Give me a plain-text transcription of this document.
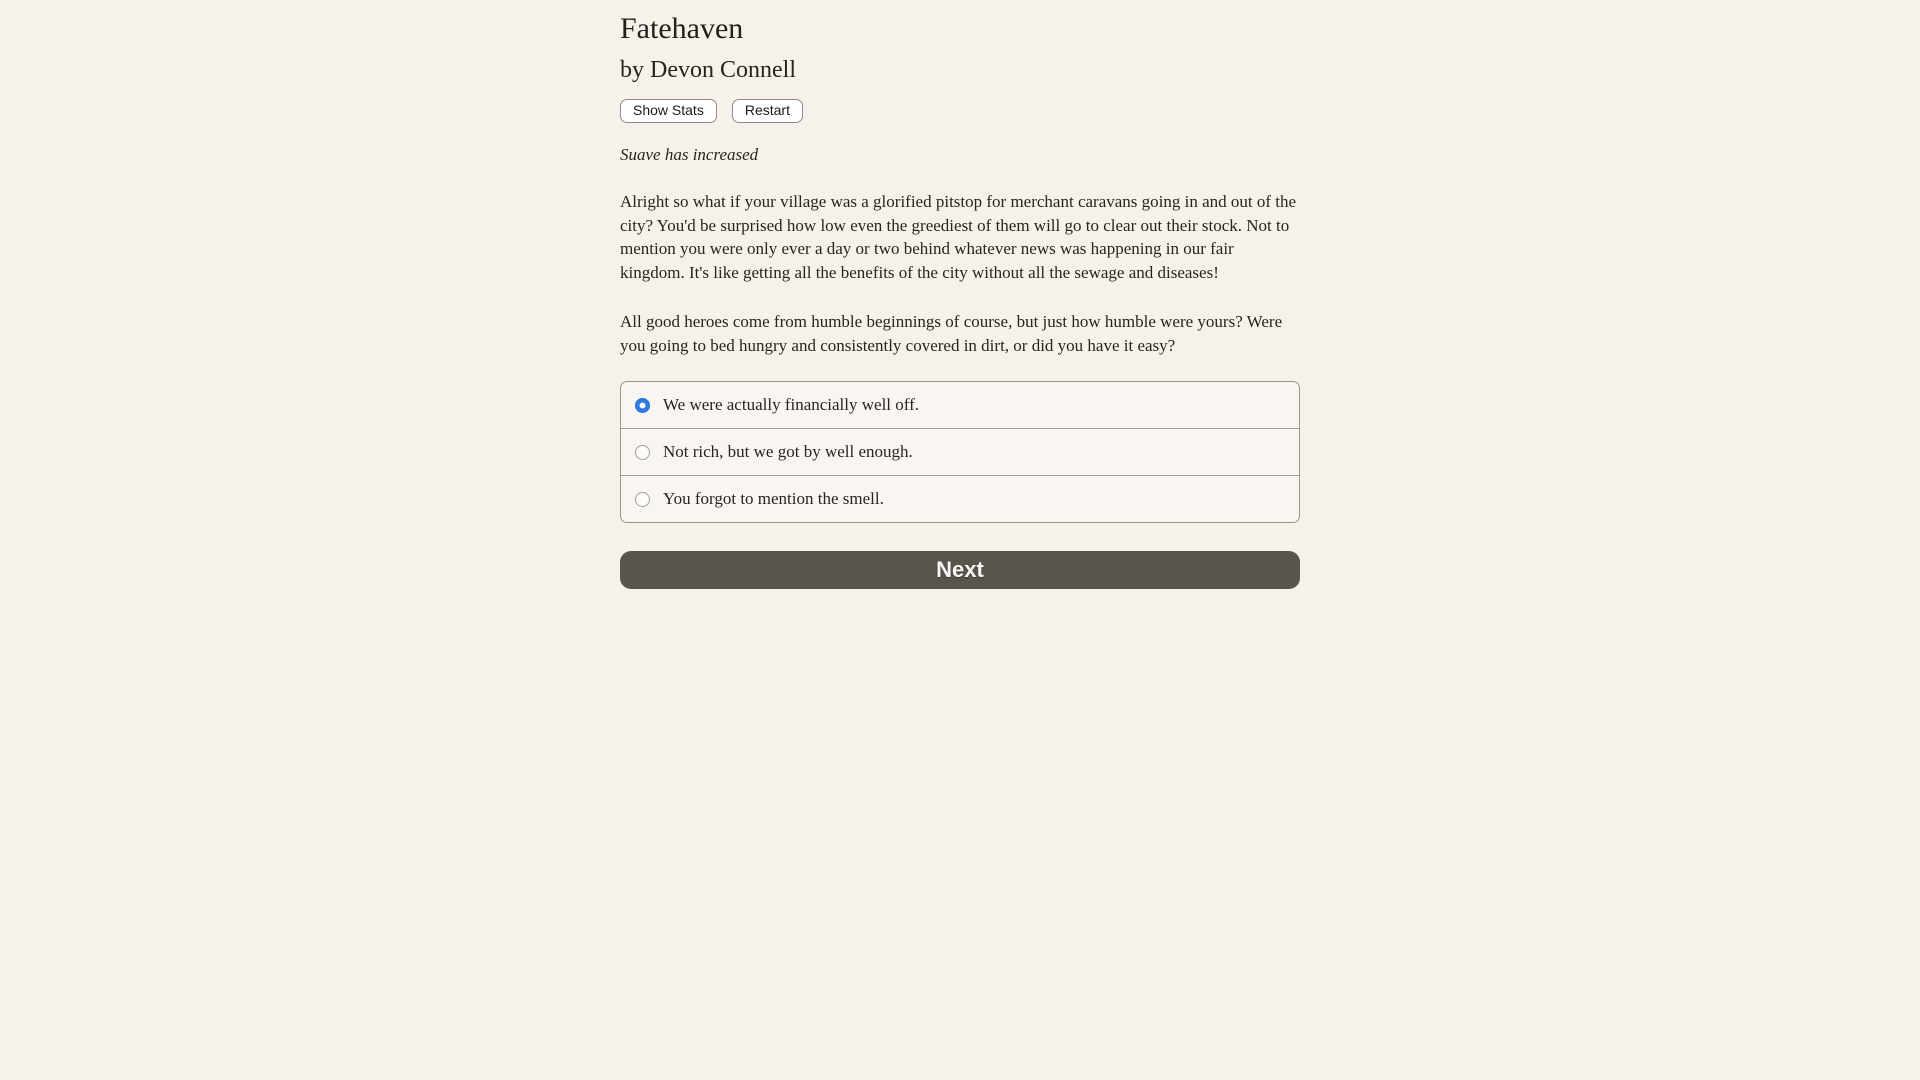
Fatehaven
by Devon Connell
Show Stats	Restart
Suave has increased

Alright so what if your village was a glorified pitstop for merchant caravans going in and out of the city? You'd be surprised how low even the greediest of them will go to clear out their stock. Not to mention you were only ever a day or two behind whatever news was happening in our fair kingdom. It's like getting all the benefits of the city without all the sewage and diseases!

All good heroes come from humble beginnings of course, but just how humble were yours? Were you going to bed hungry and consistently covered in dirt, or did you have it easy?

We were actually financially well off.
Not rich, but we got by well enough.
You forgot to mention the smell.
Next
